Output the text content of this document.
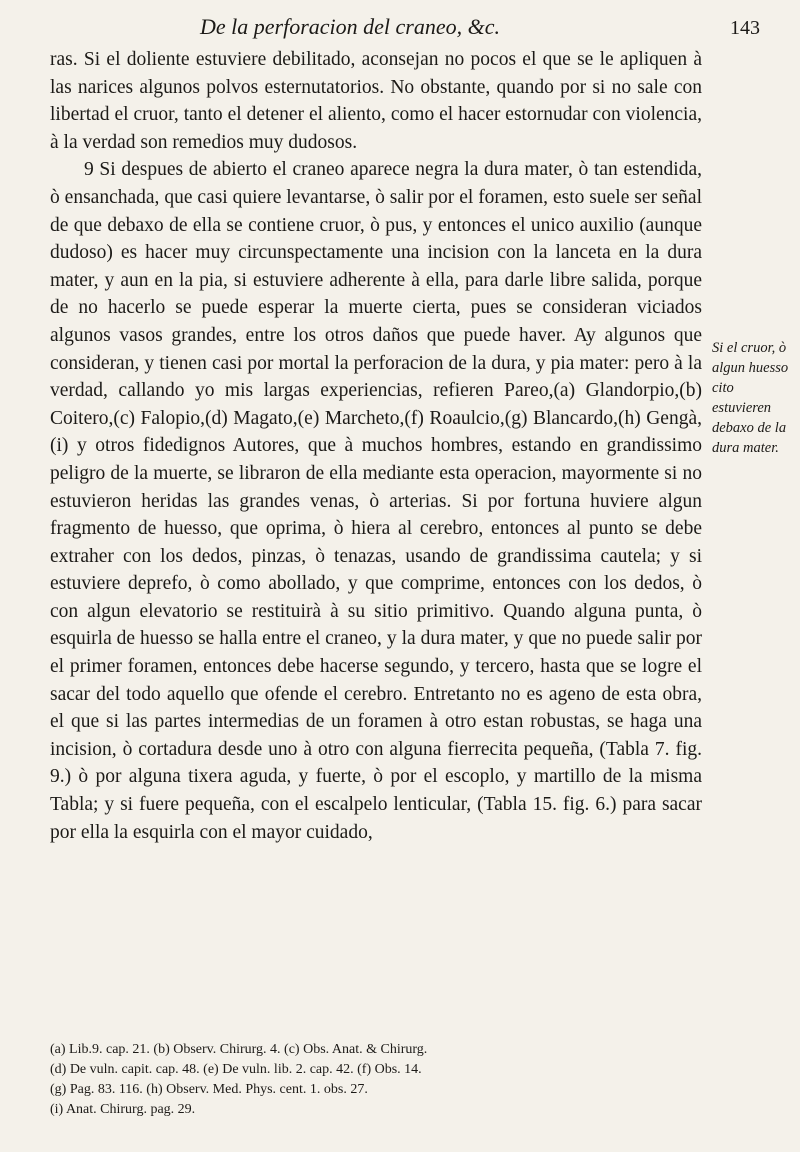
De la perforacion del craneo, &c.	143

ras. Si el doliente estuviere debilitado, aconsejan no pocos el que se le apliquen à las narices algunos polvos esternutatorios. No obstante, quando por si no sale con libertad el cruor, tanto el detener el aliento, como el hacer estornudar con violencia, à la verdad son remedios muy dudosos.

9 Si despues de abierto el craneo aparece negra la dura mater, ò tan estendida, ò ensanchada, que casi quiere levantarse, ò salir por el foramen, esto suele ser señal de que debaxo de ella se contiene cruor, ò pus, y entonces el unico auxilio (aunque dudoso) es hacer muy circunspectamente una incision con la lanceta en la dura mater, y aun en la pia, si estuviere adherente à ella, para darle libre salida, porque de no hacerlo se puede esperar la muerte cierta, pues se consideran viciados algunos vasos grandes, entre los otros daños que puede haver. Ay algunos que consideran, y tienen casi por mortal la perforacion de la dura, y pia mater: pero à la verdad, callando yo mis largas experiencias, refieren Pareo,(a) Glandorpio,(b) Coitero,(c) Falopio,(d) Magato,(e) Marcheto,(f) Roaulcio,(g) Blancardo,(h) Gengà,(i) y otros fidedignos Autores, que à muchos hombres, estando en grandissimo peligro de la muerte, se libraron de ella mediante esta operacion, mayormente si no estuvieron heridas las grandes venas, ò arterias. Si por fortuna huviere algun fragmento de huesso, que oprima, ò hiera al cerebro, entonces al punto se debe extraher con los dedos, pinzas, ò tenazas, usando de grandissima cautela; y si estuviere deprefo, ò como abollado, y que comprime, entonces con los dedos, ò con algun elevatorio se restituirà à su sitio primitivo. Quando alguna punta, ò esquirla de huesso se halla entre el craneo, y la dura mater, y que no puede salir por el primer foramen, entonces debe hacerse segundo, y tercero, hasta que se logre el sacar del todo aquello que ofende el cerebro. Entretanto no es ageno de esta obra, el que si las partes intermedias de un foramen à otro estan robustas, se haga una incision, ò cortadura desde uno à otro con alguna fierrecita pequeña, (Tabla 7. fig. 9.) ò por alguna tixera aguda, y fuerte, ò por el escoplo, y martillo de la misma Tabla; y si fuere pequeña, con el escalpelo lenticular, (Tabla 15. fig. 6.) para sacar por ella la esquirla con el mayor cuidado,

Si el cruor, ò algun huesso cito estuvieren debaxo de la dura mater.
(a) Lib.9. cap. 21. (b) Observ. Chirurg. 4. (c) Obs. Anat. & Chirurg.
(d) De vuln. capit. cap. 48. (e) De vuln. lib. 2. cap. 42. (f) Obs. 14.
(g) Pag. 83. 116. (h) Observ. Med. Phys. cent. 1. obs. 27.
(i) Anat. Chirurg. pag. 29.
